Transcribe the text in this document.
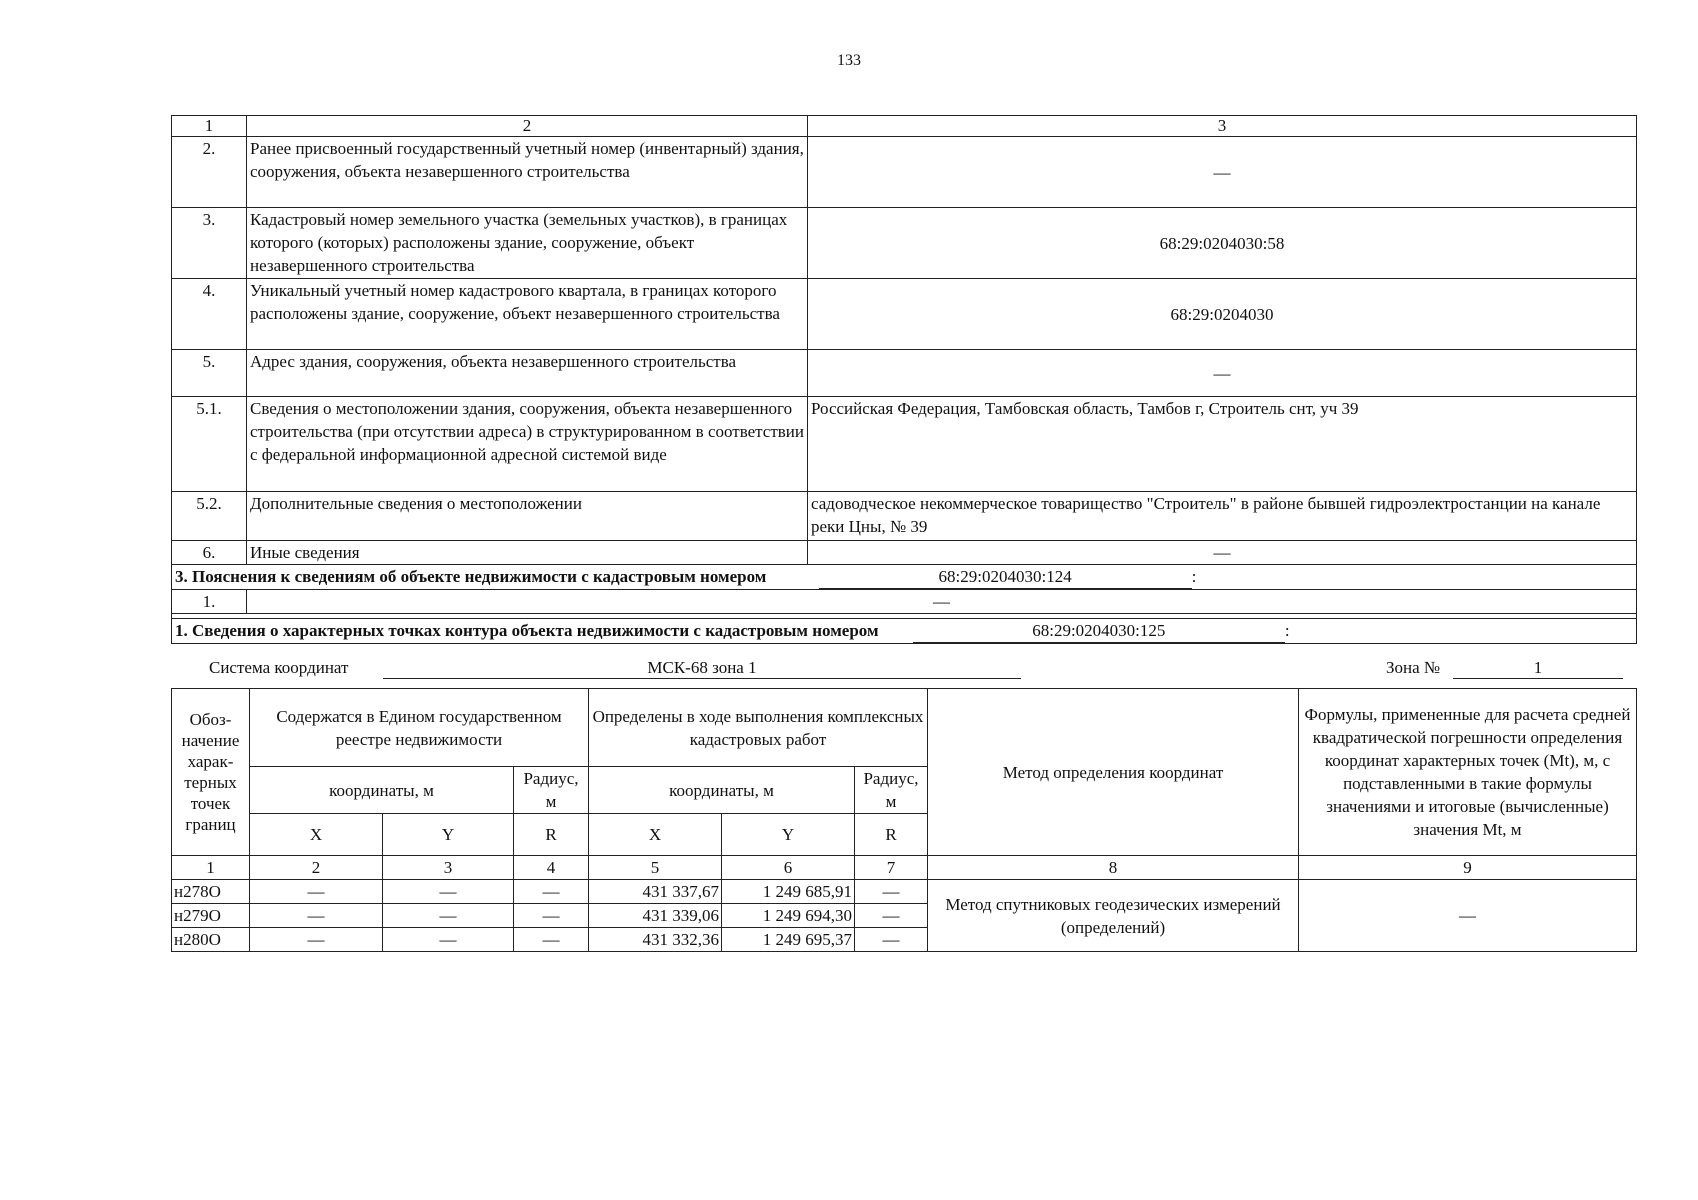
133
1	2	3
2.	Ранее присвоенный государственный учетный номер (инвентарный) здания, сооружения, объекта незавершенного строительства	—
3.	Кадастровый номер земельного участка (земельных участков), в границах которого (которых) расположены здание, сооружение, объект незавершенного строительства	68:29:0204030:58
4.	Уникальный учетный номер кадастрового квартала, в границах которого расположены здание, сооружение, объект незавершенного строительства	68:29:0204030
5.	Адрес здания, сооружения, объекта незавершенного строительства	—
5.1.	Сведения о местоположении здания, сооружения, объекта незавершенного строительства (при отсутствии адреса) в структурированном в соответствии с федеральной информационной адресной системой виде	Российская Федерация, Тамбовская область, Тамбов г, Строитель снт, уч 39
5.2.	Дополнительные сведения о местоположении	садоводческое некоммерческое товарищество "Строитель" в районе бывшей гидроэлектростанции на канале реки Цны, № 39
6.	Иные сведения	—
3. Пояснения к сведениям об объекте недвижимости с кадастровым номером 68:29:0204030:124 :		
1.	—	

1. Сведения о характерных точках контура объекта недвижимости с кадастровым номером 68:29:0204030:125 :		
Система координат	МСК-68 зона 1	Зона №	1
Обоз-начение харак-терных точек границ	Содержатся в Едином государственном реестре недвижимости			Определены в ходе выполнения комплексных кадастровых работ			Метод определения координат	Формулы, примененные для расчета средней квадратической погрешности определения координат характерных точек (Mt), м, с подставленными в такие формулы значениями и итоговые (вычисленные) значения Mt, м
	координаты, м		Радиус, м	координаты, м		Радиус, м		
	X	Y	R	X	Y	R		
1	2	3	4	5	6	7	8	9
н278О	—	—	—	431 337,67	1 249 685,91	—	Метод спутниковых геодезических измерений (определений)	—
н279О	—	—	—	431 339,06	1 249 694,30	—		
н280О	—	—	—	431 332,36	1 249 695,37	—		
